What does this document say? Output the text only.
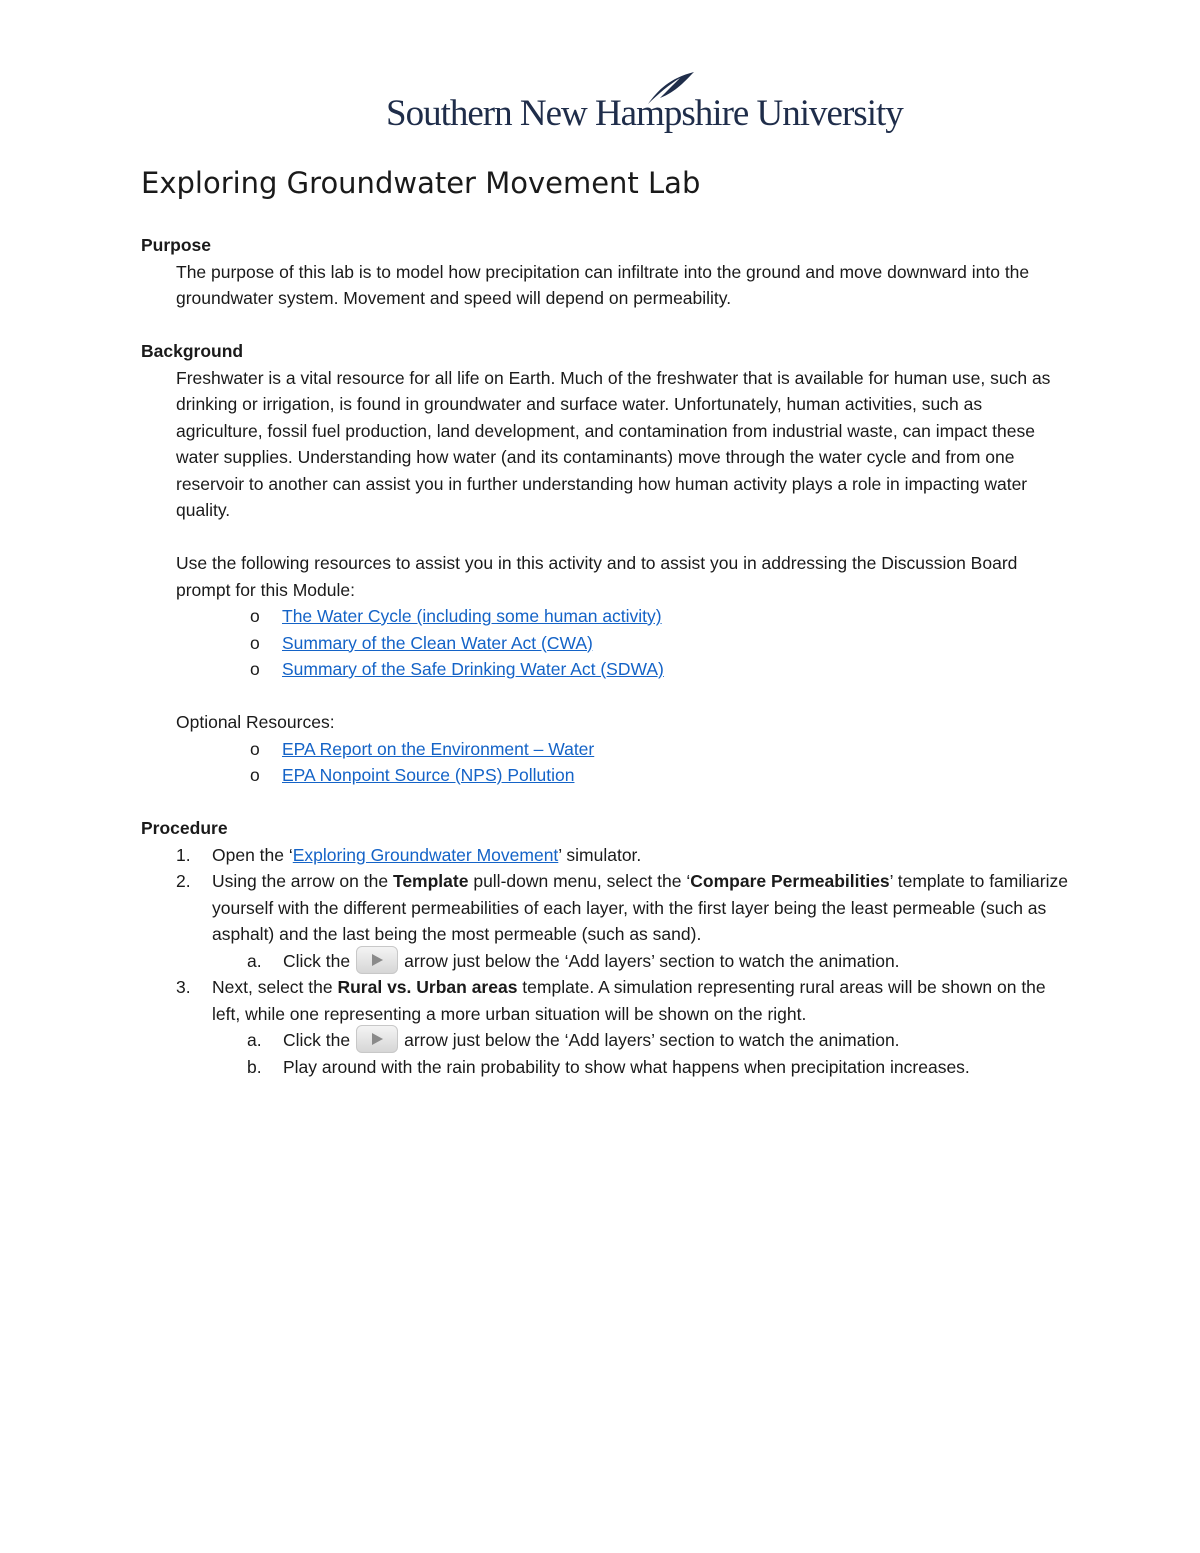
Southern New Hampshire University
Exploring Groundwater Movement Lab
Purpose

The purpose of this lab is to model how precipitation can infiltrate into the ground and move downward into the groundwater system. Movement and speed will depend on permeability.

Background

Freshwater is a vital resource for all life on Earth. Much of the freshwater that is available for human use, such as drinking or irrigation, is found in groundwater and surface water. Unfortunately, human activities, such as agriculture, fossil fuel production, land development, and contamination from industrial waste, can impact these water supplies. Understanding how water (and its contaminants) move through the water cycle and from one reservoir to another can assist you in further understanding how human activity plays a role in impacting water quality.

Use the following resources to assist you in this activity and to assist you in addressing the Discussion Board prompt for this Module:

o The Water Cycle (including some human activity)
o Summary of the Clean Water Act (CWA)
o Summary of the Safe Drinking Water Act (SDWA)

Optional Resources:

o EPA Report on the Environment – Water
o EPA Nonpoint Source (NPS) Pollution
Procedure
1. Open the ‘Exploring Groundwater Movement’ simulator.
2. Using the arrow on the Template pull-down menu, select the ‘Compare Permeabilities’ template to familiarize yourself with the different permeabilities of each layer, with the first layer being the least permeable (such as asphalt) and the last being the most permeable (such as sand).
a. Click the	arrow just below the ‘Add layers’ section to watch the animation.
3. Next, select the Rural vs. Urban areas template. A simulation representing rural areas will be shown on the left, while one representing a more urban situation will be shown on the right.
a. Click the	arrow just below the ‘Add layers’ section to watch the animation.
b. Play around with the rain probability to show what happens when precipitation increases.
